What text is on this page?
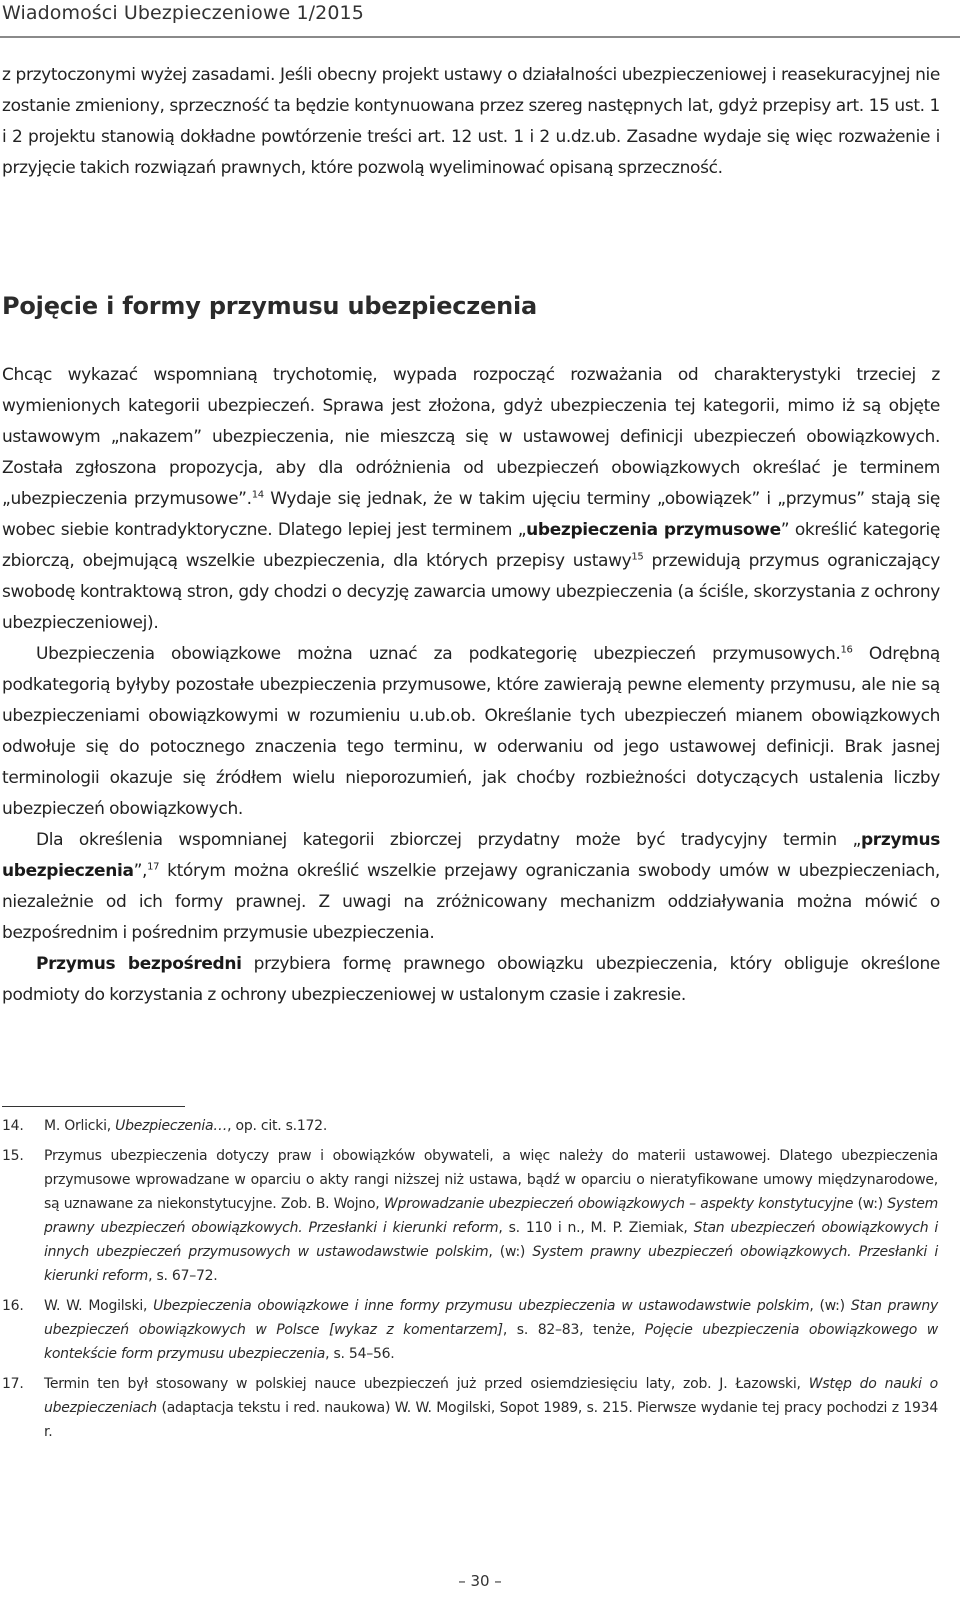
Wiadomości Ubezpieczeniowe 1/2015

z przytoczonymi wyżej zasadami. Jeśli obecny projekt ustawy o działalności ubezpieczeniowej i reasekuracyjnej nie zostanie zmieniony, sprzeczność ta będzie kontynuowana przez szereg następnych lat, gdyż przepisy art. 15 ust. 1 i 2 projektu stanowią dokładne powtórzenie treści art. 12 ust. 1 i 2 u.dz.ub. Zasadne wydaje się więc rozważenie i przyjęcie takich rozwiązań prawnych, które pozwolą wyeliminować opisaną sprzeczność.

Pojęcie i formy przymusu ubezpieczenia

Chcąc wykazać wspomnianą trychotomię, wypada rozpocząć rozważania od charakterystyki trzeciej z wymienionych kategorii ubezpieczeń. Sprawa jest złożona, gdyż ubezpieczenia tej kategorii, mimo iż są objęte ustawowym „nakazem” ubezpieczenia, nie mieszczą się w ustawowej definicji ubezpieczeń obowiązkowych. Została zgłoszona propozycja, aby dla odróżnienia od ubezpieczeń obowiązkowych określać je terminem „ubezpieczenia przymusowe”.$^{14}$ Wydaje się jednak, że w takim ujęciu terminy „obowiązek” i „przymus” stają się wobec siebie kontradyktoryczne. Dlatego lepiej jest terminem „ubezpieczenia przymusowe” określić kategorię zbiorczą, obejmującą wszelkie ubezpieczenia, dla których przepisy ustawy$^{15}$ przewidują przymus ograniczający swobodę kontraktową stron, gdy chodzi o decyzję zawarcia umowy ubezpieczenia (a ściśle, skorzystania z ochrony ubezpieczeniowej).

Ubezpieczenia obowiązkowe można uznać za podkategorię ubezpieczeń przymusowych.$^{16}$ Odrębną podkategorią byłyby pozostałe ubezpieczenia przymusowe, które zawierają pewne elementy przymusu, ale nie są ubezpieczeniami obowiązkowymi w rozumieniu u.ub.ob. Określanie tych ubezpieczeń mianem obowiązkowych odwołuje się do potocznego znaczenia tego terminu, w oderwaniu od jego ustawowej definicji. Brak jasnej terminologii okazuje się źródłem wielu nieporozumień, jak choćby rozbieżności dotyczących ustalenia liczby ubezpieczeń obowiązkowych.

Dla określenia wspomnianej kategorii zbiorczej przydatny może być tradycyjny termin „przymus ubezpieczenia”,$^{17}$ którym można określić wszelkie przejawy ograniczania swobody umów w ubezpieczeniach, niezależnie od ich formy prawnej. Z uwagi na zróżnicowany mechanizm oddziaływania można mówić o bezpośrednim i pośrednim przymusie ubezpieczenia.

Przymus bezpośredni przybiera formę prawnego obowiązku ubezpieczenia, który obliguje określone podmioty do korzystania z ochrony ubezpieczeniowej w ustalonym czasie i zakresie.

14. M. Orlicki, Ubezpieczenia…, op. cit. s.172.
15. Przymus ubezpieczenia dotyczy praw i obowiązków obywateli, a więc należy do materii ustawowej. Dlatego ubezpieczenia przymusowe wprowadzane w oparciu o akty rangi niższej niż ustawa, bądź w oparciu o nieratyfikowane umowy międzynarodowe, są uznawane za niekonstytucyjne. Zob. B. Wojno, Wprowadzanie ubezpieczeń obowiązkowych – aspekty konstytucyjne (w:) System prawny ubezpieczeń obowiązkowych. Przesłanki i kierunki reform, s. 110 i n., M. P. Ziemiak, Stan ubezpieczeń obowiązkowych i innych ubezpieczeń przymusowych w ustawodawstwie polskim, (w:) System prawny ubezpieczeń obowiązkowych. Przesłanki i kierunki reform, s. 67–72.
16. W. W. Mogilski, Ubezpieczenia obowiązkowe i inne formy przymusu ubezpieczenia w ustawodawstwie polskim, (w:) Stan prawny ubezpieczeń obowiązkowych w Polsce [wykaz z komentarzem], s. 82–83, tenże, Pojęcie ubezpieczenia obowiązkowego w kontekście form przymusu ubezpieczenia, s. 54–56.
17. Termin ten był stosowany w polskiej nauce ubezpieczeń już przed osiemdziesięciu laty, zob. J. Łazowski, Wstęp do nauki o ubezpieczeniach (adaptacja tekstu i red. naukowa) W. W. Mogilski, Sopot 1989, s. 215. Pierwsze wydanie tej pracy pochodzi z 1934 r.
– 30 –
